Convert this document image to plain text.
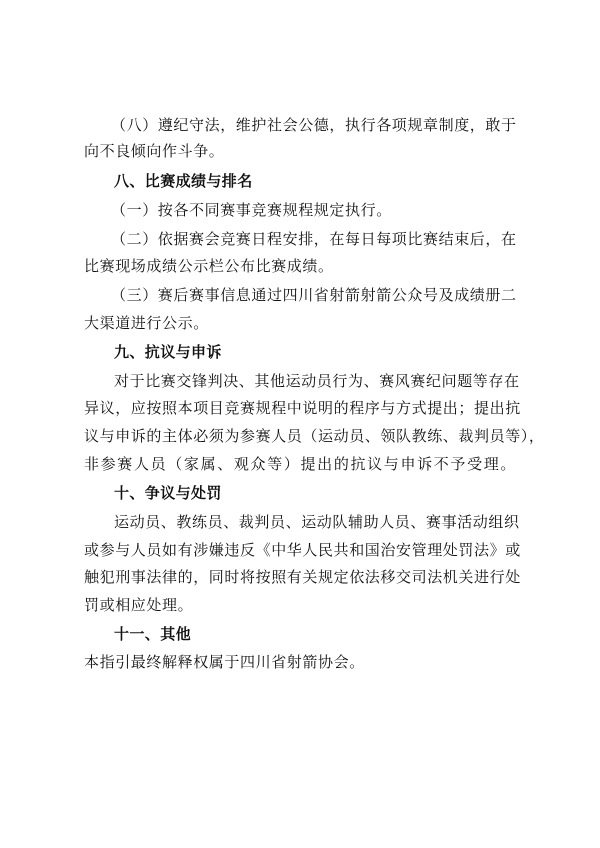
（八）遵纪守法，维护社会公德，执行各项规章制度，敢于

向不良倾向作斗争。

八、比赛成绩与排名

（一）按各不同赛事竞赛规程规定执行。

（二）依据赛会竞赛日程安排，在每日每项比赛结束后，在

比赛现场成绩公示栏公布比赛成绩。

（三）赛后赛事信息通过四川省射箭射箭公众号及成绩册二

大渠道进行公示。

九、抗议与申诉

对于比赛交锋判决、其他运动员行为、赛风赛纪问题等存在

异议，应按照本项目竞赛规程中说明的程序与方式提出；提出抗

议与申诉的主体必须为参赛人员（运动员、领队教练、裁判员等），

非参赛人员（家属、观众等）提出的抗议与申诉不予受理。

十、争议与处罚

运动员、教练员、裁判员、运动队辅助人员、赛事活动组织

或参与人员如有涉嫌违反《中华人民共和国治安管理处罚法》或

触犯刑事法律的，同时将按照有关规定依法移交司法机关进行处

罚或相应处理。

十一、其他

本指引最终解释权属于四川省射箭协会。
